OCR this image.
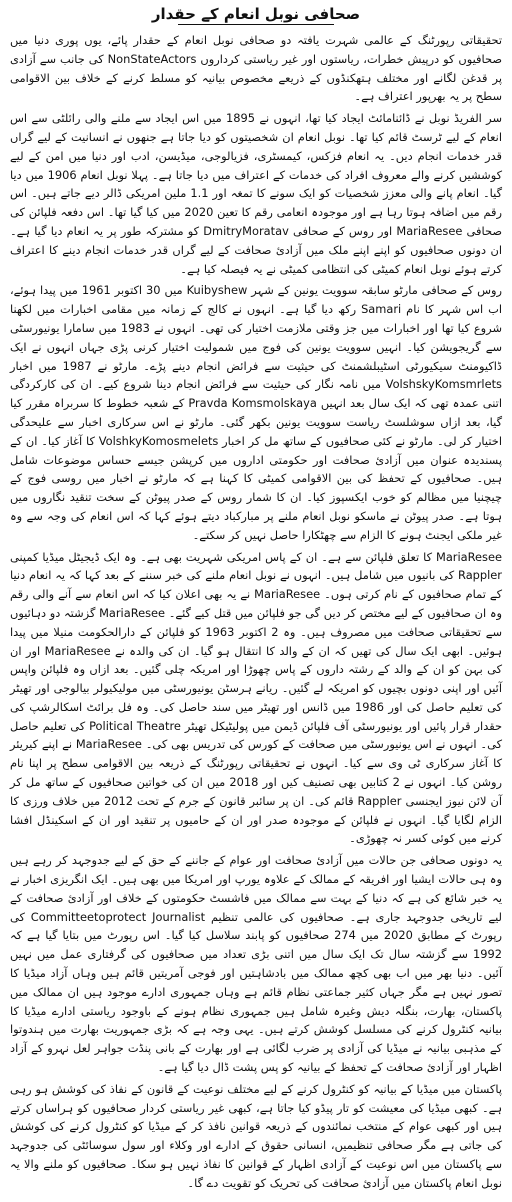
صحافی نوبل انعام کے حقدار

تحقیقاتی رپورٹنگ کے عالمی شہرت یافتہ دو صحافی نوبل انعام کے حقدار پائے، یوں پوری دنیا میں صحافیوں کو درپیش خطرات، ریاستوں اور غیر ریاستی کرداروں NonStateActors کی جانب سے آزادی پر قدغن لگانے اور مختلف ہتھکنڈوں کے ذریعے مخصوص بیانیہ کو مسلط کرنے کے خلاف بین الاقوامی سطح پر یہ بھرپور اعتراف ہے۔

سر الفریڈ نوبل نے ڈائنامائٹ ایجاد کیا تھا، انہوں نے 1895 میں اس ایجاد سے ملنے والی رائلٹی سے اس انعام کے لیے ٹرسٹ قائم کیا تھا۔ نوبل انعام ان شخصیتوں کو دیا جاتا ہے جنھوں نے انسانیت کے لیے گراں قدر خدمات انجام دیں۔ یہ انعام فزکس، کیمسٹری، فزیالوجی، میڈیسن، ادب اور دنیا میں امن کے لیے کوششیں کرنے والے معروف افراد کی خدمات کے اعتراف میں دیا جاتا ہے۔ پہلا نوبل انعام 1906 میں دیا گیا۔ انعام پانے والی معزز شخصیات کو ایک سونے کا تمغہ اور 1.1 ملین امریکی ڈالر دیے جاتے ہیں۔ اس رقم میں اضافہ ہوتا رہا ہے اور موجودہ انعامی رقم کا تعین 2020 میں کیا گیا تھا۔ اس دفعہ فلپائن کی صحافی MariaResee اور روس کے صحافی DmitryMoratav کو مشترکہ طور پر یہ انعام دیا گیا ہے۔ ان دونوں صحافیوں کو اپنے اپنے ملک میں آزادیٔ صحافت کے لیے گراں قدر خدمات انجام دینے کا اعتراف کرتے ہوئے نوبل انعام کمیٹی کی انتظامی کمیٹی نے یہ فیصلہ کیا ہے۔

روس کے صحافی مارٹو سابقہ سوویت یونین کے شہر Kuibyshew میں 30 اکتوبر 1961 میں پیدا ہوئے، اب اس شہر کا نام Samari رکھ دیا گیا ہے۔ انہوں نے کالج کے زمانہ میں مقامی اخبارات میں لکھنا شروع کیا تھا اور اخبارات میں جز وقتی ملازمت اختیار کی تھی۔ انہوں نے 1983 میں سامارا یونیورسٹی سے گریجویشن کیا۔ انہیں سوویت یونین کی فوج میں شمولیت اختیار کرنی پڑی جہاں انہوں نے ایک ڈاکیومنٹ سیکیورٹی اسٹیبلشمنٹ کی حیثیت سے فرائض انجام دینے پڑے۔ مارٹو نے 1987 میں اخبار VolshskyKomsmrlets میں نامہ نگار کی حیثیت سے فرائض انجام دینا شروع کیے۔ ان کی کارکردگی اتنی عمدہ تھی کہ ایک سال بعد انہیں Pravda Komsmolskaya کے شعبہ خطوط کا سربراہ مقرر کیا گیا، بعد ازاں سوشلسٹ ریاست سوویت یونین بکھر گئی۔ مارٹو نے اس سرکاری اخبار سے علیحدگی اختیار کر لی۔ مارٹو نے کئی صحافیوں کے ساتھ مل کر اخبار VolshkyKomosmelets کا آغاز کیا۔ ان کے پسندیدہ عنوان میں آزادیٔ صحافت اور حکومتی اداروں میں کرپشن جیسے حساس موضوعات شامل ہیں۔ صحافیوں کے تحفظ کی بین الاقوامی کمیٹی کا کہنا ہے کہ مارٹو نے اخبار میں روسی فوج کے چیچنیا میں مظالم کو خوب ایکسپوز کیا۔ ان کا شمار روس کے صدر پیوٹن کے سخت تنقید نگاروں میں ہوتا ہے۔ صدر پیوٹن نے ماسکو نوبل انعام ملنے پر مبارکباد دیتے ہوئے کہا کہ اس انعام کی وجہ سے وہ غیر ملکی ایجنٹ ہونے کا الزام سے چھٹکارا حاصل نہیں کر سکتے۔

MariaResee کا تعلق فلپائن سے ہے۔ ان کے پاس امریکی شہریت بھی ہے۔ وہ ایک ڈیجیٹل میڈیا کمپنی Rappler کی بانیوں میں شامل ہیں۔ انہوں نے نوبل انعام ملنے کی خبر سننے کے بعد کہا کہ یہ انعام دنیا کے تمام صحافیوں کے نام کرتی ہوں۔ MariaResee نے یہ بھی اعلان کیا کہ اس انعام سے آنے والی رقم وہ ان صحافیوں کے لیے مختص کر دیں گی جو فلپائن میں قتل کیے گئے۔ MariaResee گزشتہ دو دہائیوں سے تحقیقاتی صحافت میں مصروف ہیں۔ وہ 2 اکتوبر 1963 کو فلپائن کے دارالحکومت منیلا میں پیدا ہوئیں۔ ابھی ایک سال کی تھیں کہ ان کے والد کا انتقال ہو گیا۔ ان کی والدہ نے MariaResee اور ان کی بہن کو ان کے والد کے رشتہ داروں کے پاس چھوڑا اور امریکہ چلی گئیں۔ بعد ازاں وہ فلپائن واپس آئیں اور اپنی دونوں بچیوں کو امریکہ لے گئیں۔ ریانے ہرسٹن یونیورسٹی میں مولیکیولر بیالوجی اور تھیٹر کی تعلیم حاصل کی اور 1986 میں ڈانس اور تھیٹر میں سند حاصل کی۔ وہ فل برائٹ اسکالرشپ کی حقدار قرار پائیں اور یونیورسٹی آف فلپائن ڈیمن میں پولیٹیکل تھیٹر Political Theatre کی تعلیم حاصل کی۔ انہوں نے اس یونیورسٹی میں صحافت کے کورس کی تدریس بھی کی۔ MariaResee نے اپنے کیریئر کا آغاز سرکاری ٹی وی سے کیا۔ انہوں نے تحقیقاتی رپورٹنگ کے ذریعہ بین الاقوامی سطح پر اپنا نام روشن کیا۔ انہوں نے 2 کتابیں بھی تصنیف کیں اور 2018 میں ان کی خواتین صحافیوں کے ساتھ مل کر آن لائن نیوز ایجنسی Rappler قائم کی۔ ان پر سائبر قانون کے جرم کے تحت 2012 میں خلاف ورزی کا الزام لگایا گیا۔ انہوں نے فلپائن کے موجودہ صدر اور ان کے حامیوں پر تنقید اور ان کے اسکینڈل افشا کرنے میں کوئی کسر نہ چھوڑی۔

یہ دونوں صحافی جن حالات میں آزادیٔ صحافت اور عوام کے جاننے کے حق کے لیے جدوجہد کر رہے ہیں وہ ہی حالات ایشیا اور افریقہ کے ممالک کے علاوہ یورپ اور امریکا میں بھی ہیں۔ ایک انگریزی اخبار نے یہ خبر شائع کی ہے کہ دنیا کے بہت سے ممالک میں فاشسٹ حکومتوں کے خلاف اور آزادیٔ صحافت کے لیے تاریخی جدوجہد جاری ہے۔ صحافیوں کی عالمی تنظیم Committeetoprotect Journalist کی رپورٹ کے مطابق 2020 میں 274 صحافیوں کو پابند سلاسل کیا گیا۔ اس رپورٹ میں بتایا گیا ہے کہ 1992 سے گزشتہ سال تک ایک سال میں اتنی بڑی تعداد میں صحافیوں کی گرفتاری عمل میں نہیں آئیں۔ دنیا بھر میں اب بھی کچھ ممالک میں بادشاہتیں اور فوجی آمریتیں قائم ہیں وہاں آزاد میڈیا کا تصور نہیں ہے مگر جہاں کثیر جماعتی نظام قائم ہے وہاں جمہوری ادارے موجود ہیں ان ممالک میں پاکستان، بھارت، بنگلہ دیش وغیرہ شامل ہیں جمہوری نظام ہونے کے باوجود ریاستی ادارے میڈیا کا بیانیہ کنٹرول کرنے کی مسلسل کوشش کرتے ہیں۔ یہی وجہ ہے کہ بڑی جمہوریت بھارت میں ہندوتوا کے مذہبی بیانیہ نے میڈیا کی آزادی پر ضرب لگائی ہے اور بھارت کے بانی پنڈت جواہر لعل نہرو کے آزاد اظہار اور آزادیٔ صحافت کے تحفظ کے بیانیہ کو پس پشت ڈال دیا گیا ہے۔

پاکستان میں میڈیا کے بیانیہ کو کنٹرول کرنے کے لیے مختلف نوعیت کے قانون کے نفاذ کی کوشش ہو رہی ہے۔ کبھی میڈیا کی معیشت کو تار پیڈو کیا جاتا ہے، کبھی غیر ریاستی کردار صحافیوں کو ہراساں کرتے ہیں اور کبھی عوام کے منتخب نمائندوں کے ذریعہ قوانین نافذ کر کے میڈیا کو کنٹرول کرنے کی کوشش کی جاتی ہے مگر صحافی تنظیمیں، انسانی حقوق کے ادارے اور وکلاء اور سول سوسائٹی کی جدوجہد سے پاکستان میں اس نوعیت کے آزادی اظہار کے قوانین کا نفاذ نہیں ہو سکا۔ صحافیوں کو ملنے والا یہ نوبل انعام پاکستان میں آزادیٔ صحافت کی تحریک کو تقویت دے گا۔
